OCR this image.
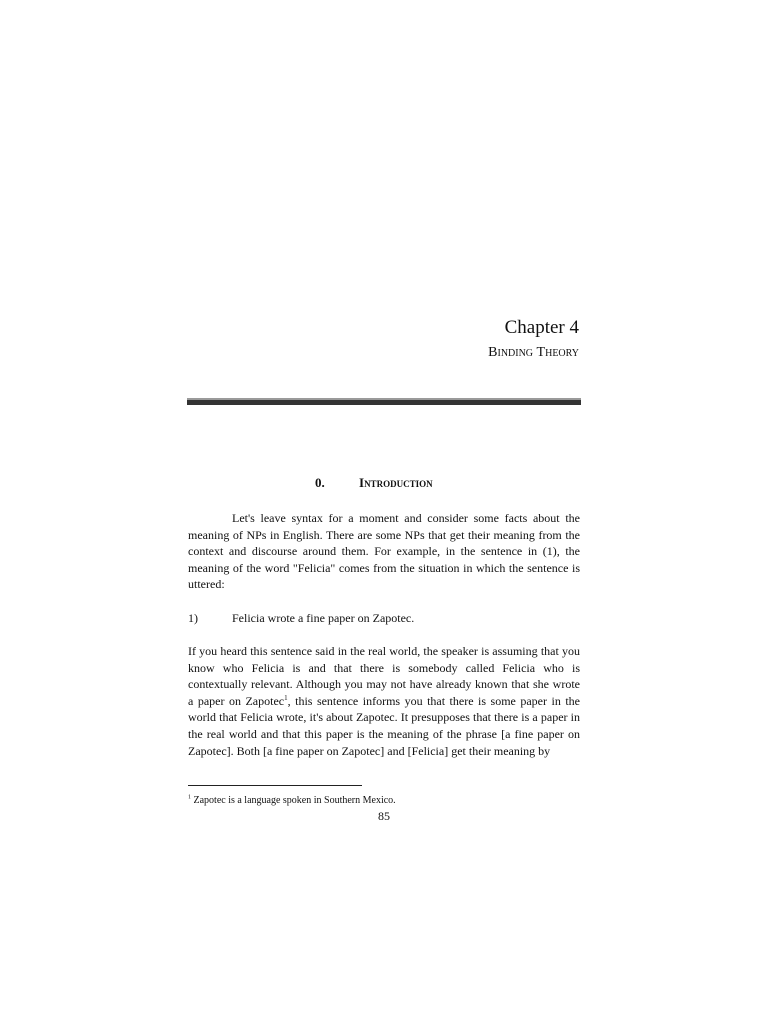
Chapter 4
Binding Theory
0.	Introduction

Let's leave syntax for a moment and consider some facts about the meaning of NPs in English. There are some NPs that get their meaning from the context and discourse around them. For example, in the sentence in (1), the meaning of the word "Felicia" comes from the situation in which the sentence is uttered:

1)	Felicia wrote a fine paper on Zapotec.

If you heard this sentence said in the real world, the speaker is assuming that you know who Felicia is and that there is somebody called Felicia who is contextually relevant. Although you may not have already known that she wrote a paper on Zapotec$^1$, this sentence informs you that there is some paper in the world that Felicia wrote, it's about Zapotec. It presupposes that there is a paper in the real world and that this paper is the meaning of the phrase [a fine paper on Zapotec]. Both [a fine paper on Zapotec] and [Felicia] get their meaning by

$^1$ Zapotec is a language spoken in Southern Mexico.
85
